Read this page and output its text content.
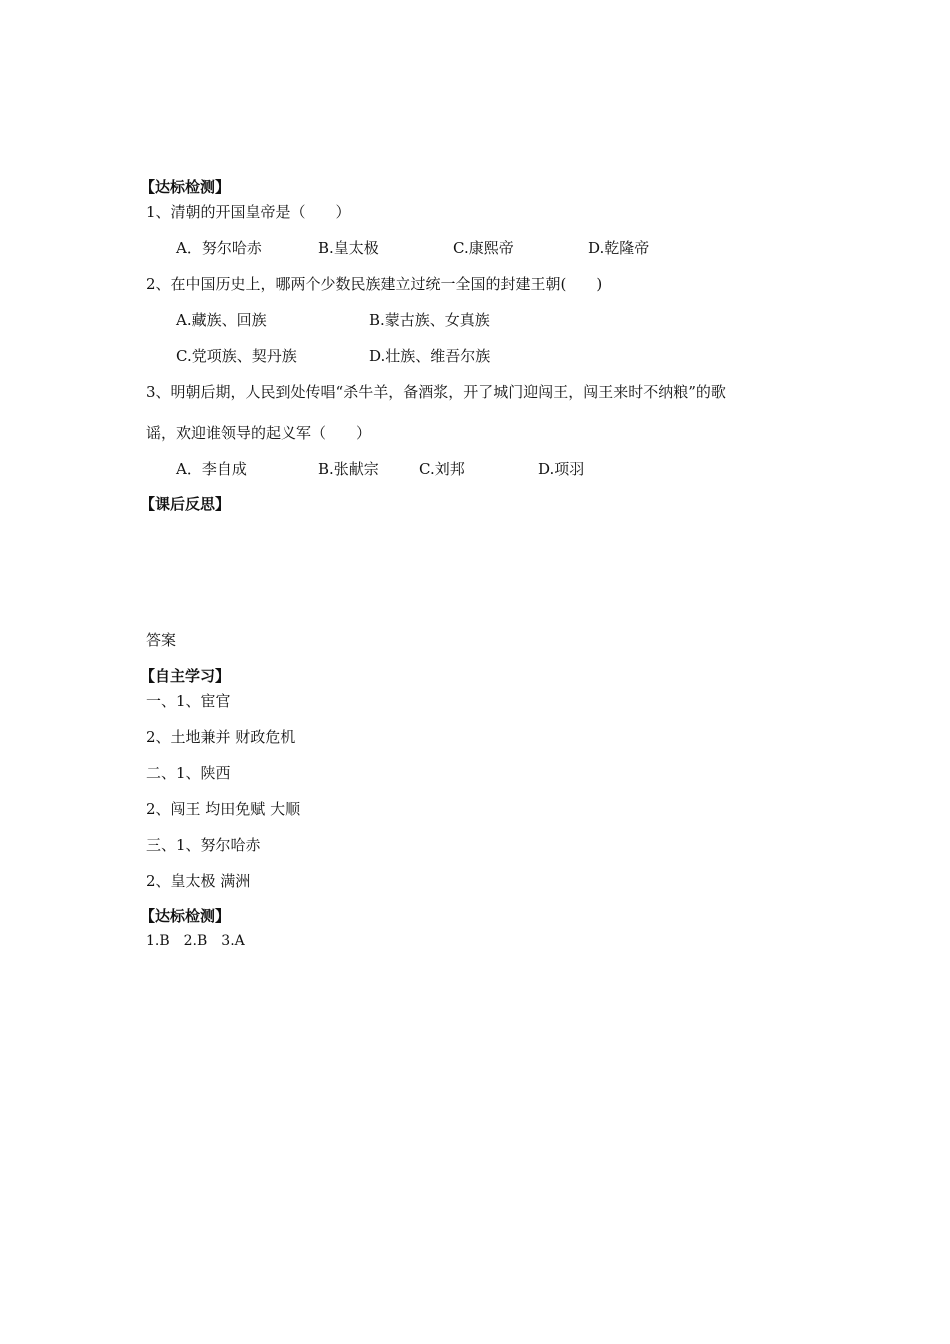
【达标检测】
1、清朝的开国皇帝是（　　）
A．努尔哈赤	B.皇太极	C.康熙帝	D.乾隆帝
2、在中国历史上，哪两个少数民族建立过统一全国的封建王朝(　　)
A.藏族、回族	B.蒙古族、女真族
C.党项族、契丹族	D.壮族、维吾尔族
3、明朝后期，人民到处传唱“杀牛羊，备酒浆，开了城门迎闯王，闯王来时不纳粮”的歌
谣，欢迎谁领导的起义军（　　）
A．李自成	B.张献宗	C.刘邦	D.项羽
【课后反思】
答案
【自主学习】
一、1、宦官
2、土地兼并 财政危机
二、1、陕西
2、闯王 均田免赋 大顺
三、1、努尔哈赤
2、皇太极 满洲
【达标检测】
1.B　2.B　3.A
